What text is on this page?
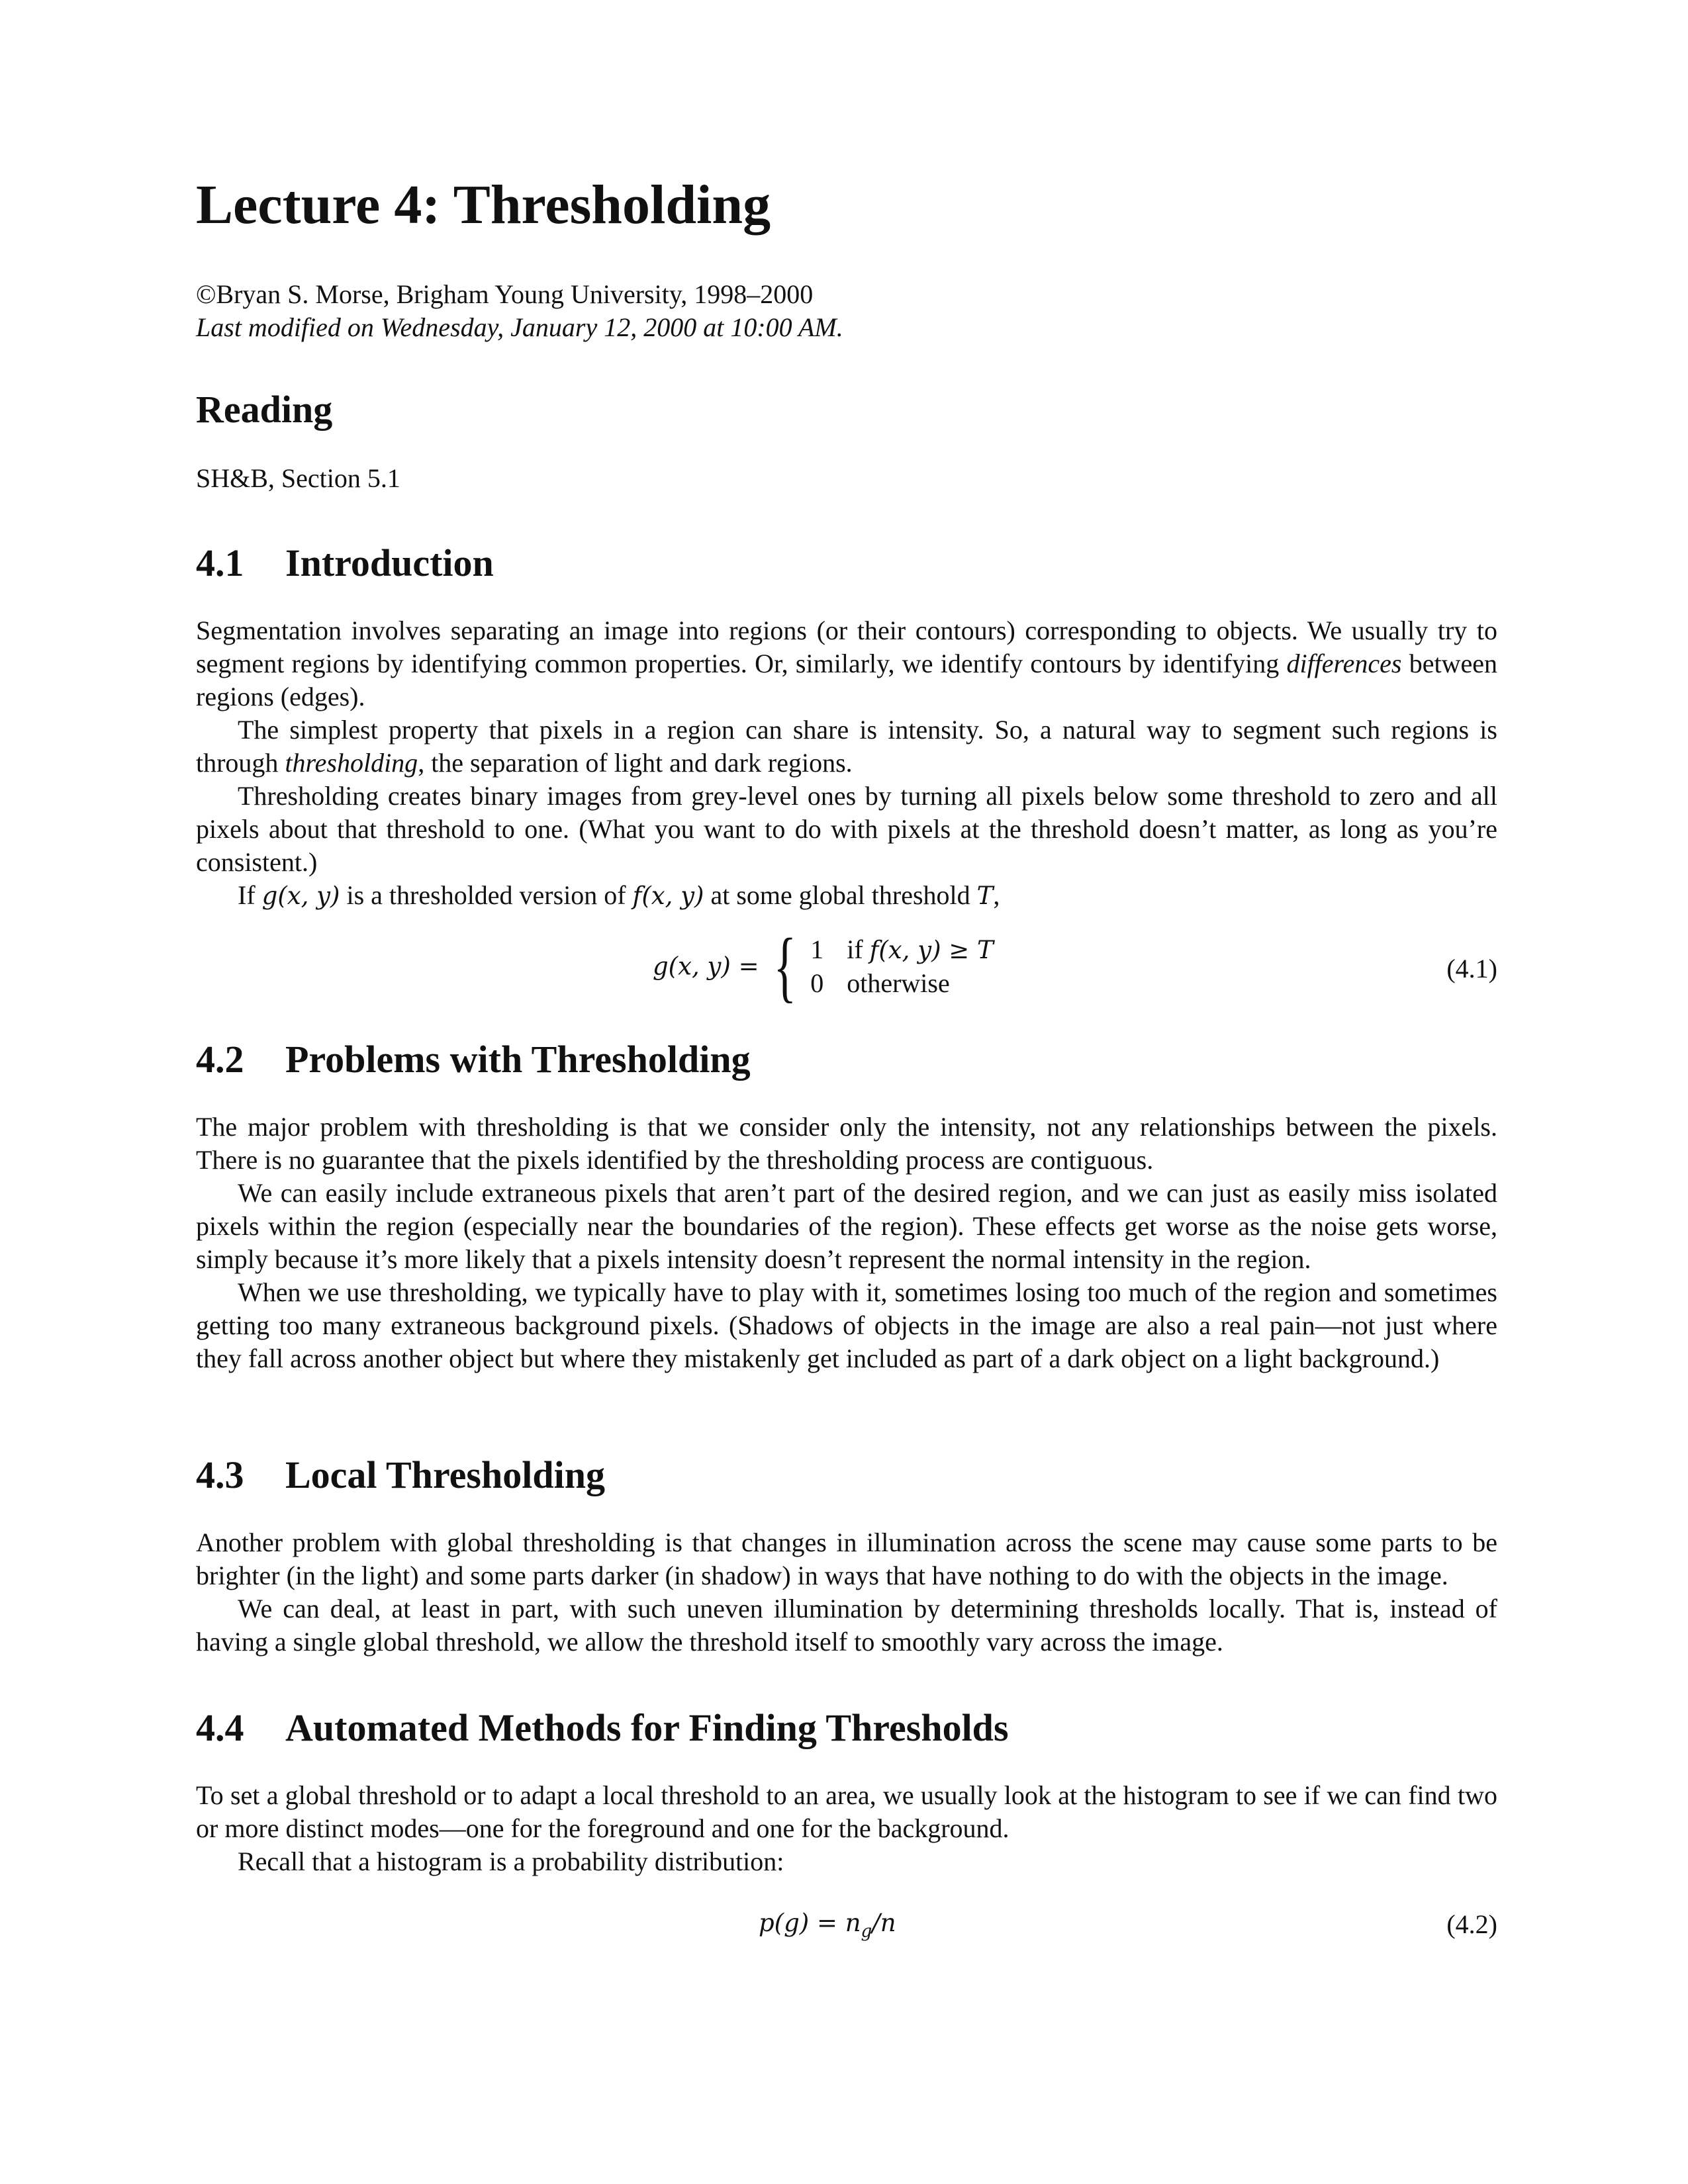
Lecture 4: Thresholding
©Bryan S. Morse, Brigham Young University, 1998–2000
Last modified on Wednesday, January 12, 2000 at 10:00 AM.
Reading
SH&B, Section 5.1
4.1 Introduction

Segmentation involves separating an image into regions (or their contours) corresponding to objects. We usually try to segment regions by identifying common properties. Or, similarly, we identify contours by identifying differences between regions (edges).

The simplest property that pixels in a region can share is intensity. So, a natural way to segment such regions is through thresholding, the separation of light and dark regions.

Thresholding creates binary images from grey-level ones by turning all pixels below some threshold to zero and all pixels about that threshold to one. (What you want to do with pixels at the threshold doesn’t matter, as long as you’re consistent.)

If g(x, y) is a thresholded version of f(x, y) at some global threshold T,

g(x, y) = { 1 if f(x, y) ≥ T
0 otherwise	(4.1)
4.2 Problems with Thresholding

The major problem with thresholding is that we consider only the intensity, not any relationships between the pixels. There is no guarantee that the pixels identified by the thresholding process are contiguous.

We can easily include extraneous pixels that aren’t part of the desired region, and we can just as easily miss isolated pixels within the region (especially near the boundaries of the region). These effects get worse as the noise gets worse, simply because it’s more likely that a pixels intensity doesn’t represent the normal intensity in the region.

When we use thresholding, we typically have to play with it, sometimes losing too much of the region and sometimes getting too many extraneous background pixels. (Shadows of objects in the image are also a real pain—not just where they fall across another object but where they mistakenly get included as part of a dark object on a light background.)

4.3 Local Thresholding

Another problem with global thresholding is that changes in illumination across the scene may cause some parts to be brighter (in the light) and some parts darker (in shadow) in ways that have nothing to do with the objects in the image.

We can deal, at least in part, with such uneven illumination by determining thresholds locally. That is, instead of having a single global threshold, we allow the threshold itself to smoothly vary across the image.

4.4 Automated Methods for Finding Thresholds

To set a global threshold or to adapt a local threshold to an area, we usually look at the histogram to see if we can find two or more distinct modes—one for the foreground and one for the background.

Recall that a histogram is a probability distribution:

$p(g) = n_g/n$	(4.2)
